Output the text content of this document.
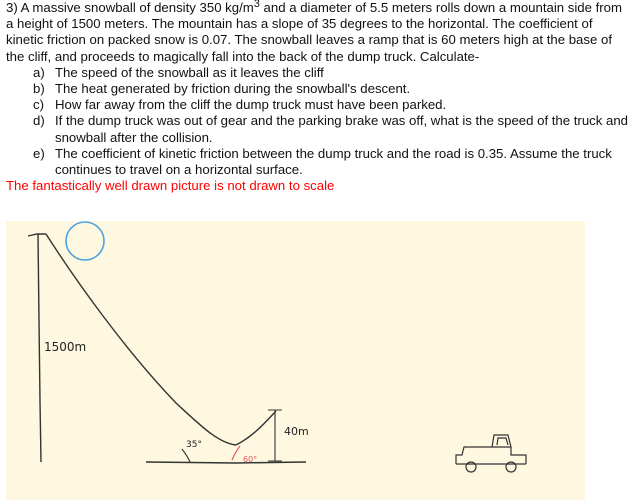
3) A massive snowball of density 350 $kg/m^3$ and a diameter of 5.5 meters rolls down a mountain side from a height of 1500 meters. The mountain has a slope of 35 degrees to the horizontal. The coefficient of kinetic friction on packed snow is 0.07. The snowball leaves a ramp that is 60 meters high at the base of the cliff, and proceeds to magically fall into the back of the dump truck. Calculate-

a) The speed of the snowball as it leaves the cliff
b) The heat generated by friction during the snowball's descent.
c) How far away from the cliff the dump truck must have been parked.
d) If the dump truck was out of gear and the parking brake was off, what is the speed of the truck and snowball after the collision.
e) The coefficient of kinetic friction between the dump truck and the road is 0.35. Assume the truck continues to travel on a horizontal surface.

The fantastically well drawn picture is not drawn to scale

1500m
35°
60°
40m
